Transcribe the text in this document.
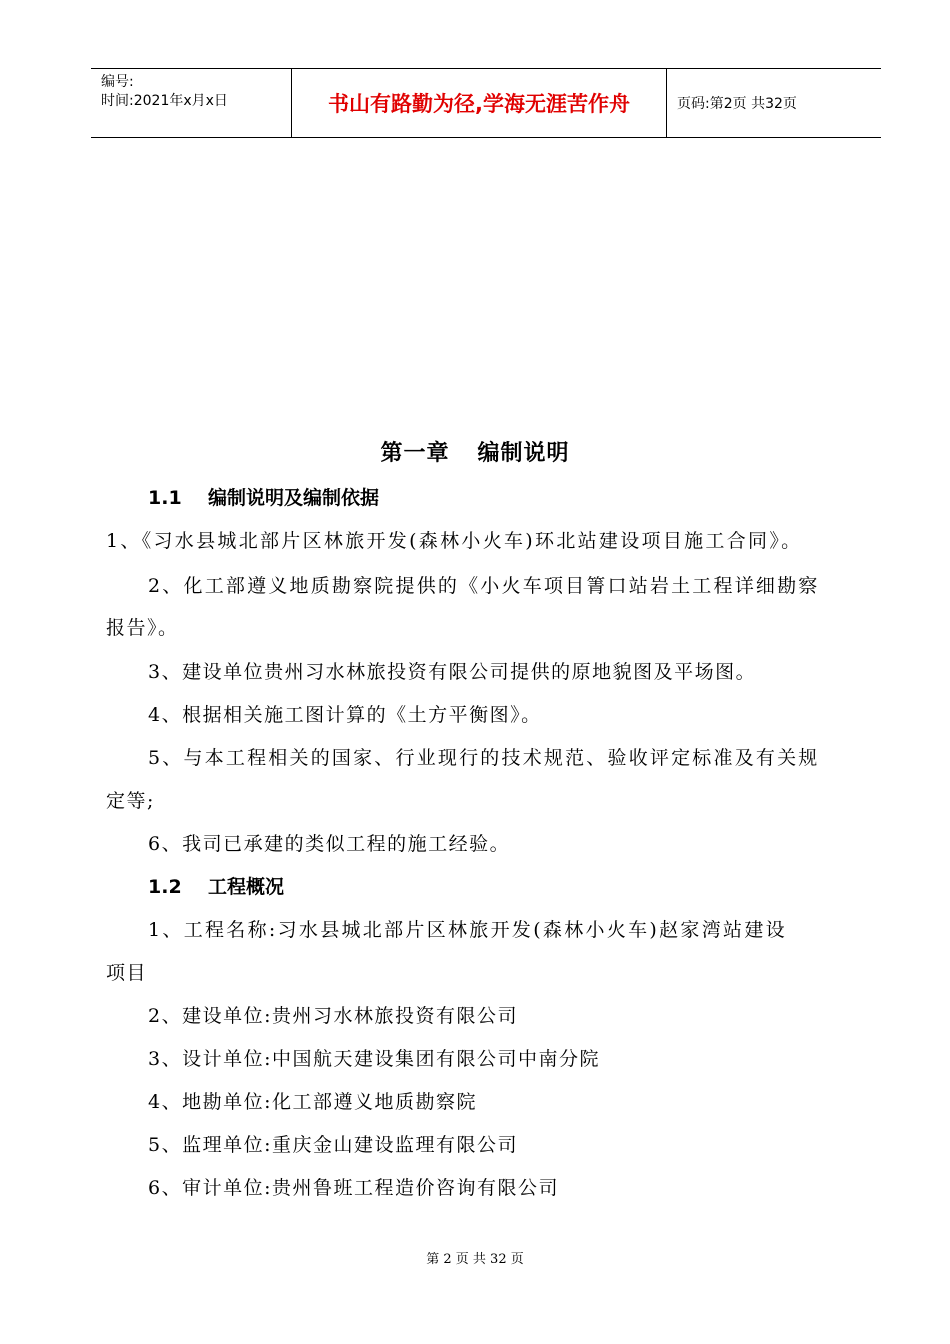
编号:
时间:2021年x月x日	书山有路勤为径,学海无涯苦作舟	页码:第2页 共32页
第一章 编制说明
1.1 编制说明及编制依据
1、《习水县城北部片区林旅开发(森林小火车)环北站建设项目施工合同》。
2、化工部遵义地质勘察院提供的《小火车项目箐口站岩土工程详细勘察
报告》。
3、建设单位贵州习水林旅投资有限公司提供的原地貌图及平场图。
4、根据相关施工图计算的《土方平衡图》。
5、与本工程相关的国家、行业现行的技术规范、验收评定标准及有关规
定等;
6、我司已承建的类似工程的施工经验。
1.2 工程概况
1、工程名称:习水县城北部片区林旅开发(森林小火车)赵家湾站建设
项目
2、建设单位:贵州习水林旅投资有限公司
3、设计单位:中国航天建设集团有限公司中南分院
4、地勘单位:化工部遵义地质勘察院
5、监理单位:重庆金山建设监理有限公司
6、审计单位:贵州鲁班工程造价咨询有限公司
第 2 页 共 32 页
